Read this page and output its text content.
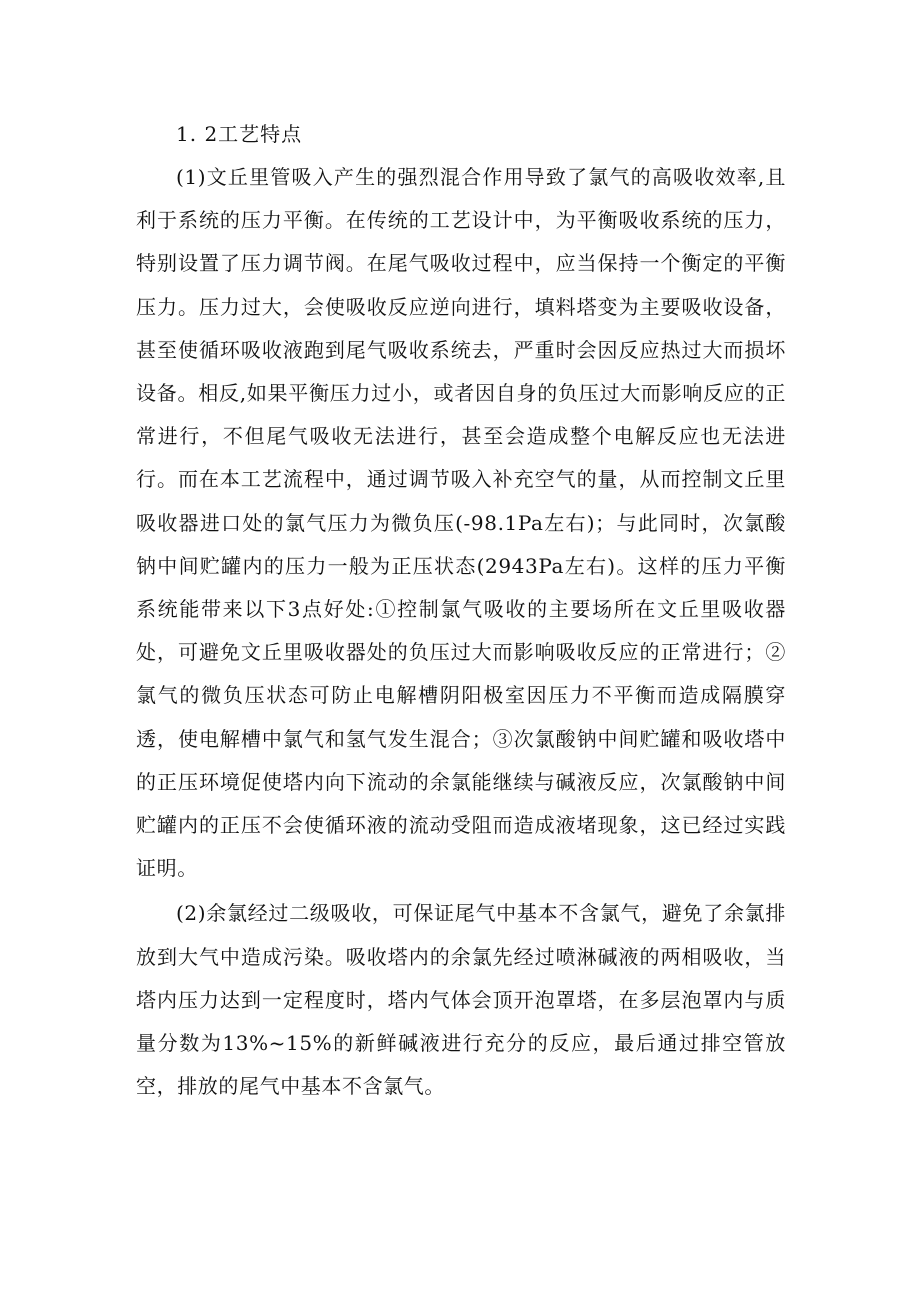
1. 2工艺特点

(1)文丘里管吸入产生的强烈混合作用导致了氯气的高吸收效率,且利于系统的压力平衡。在传统的工艺设计中，为平衡吸收系统的压力，特别设置了压力调节阀。在尾气吸收过程中，应当保持一个衡定的平衡压力。压力过大，会使吸收反应逆向进行，填料塔变为主要吸收设备，甚至使循环吸收液跑到尾气吸收系统去，严重时会因反应热过大而损坏设备。相反,如果平衡压力过小，或者因自身的负压过大而影响反应的正常进行，不但尾气吸收无法进行，甚至会造成整个电解反应也无法进行。而在本工艺流程中，通过调节吸入补充空气的量，从而控制文丘里吸收器进口处的氯气压力为微负压(-98.1Pa左右)；与此同时，次氯酸钠中间贮罐内的压力一般为正压状态(2943Pa左右)。这样的压力平衡系统能带来以下3点好处:①控制氯气吸收的主要场所在文丘里吸收器处，可避免文丘里吸收器处的负压过大而影响吸收反应的正常进行；②氯气的微负压状态可防止电解槽阴阳极室因压力不平衡而造成隔膜穿透，使电解槽中氯气和氢气发生混合；③次氯酸钠中间贮罐和吸收塔中的正压环境促使塔内向下流动的余氯能继续与碱液反应，次氯酸钠中间贮罐内的正压不会使循环液的流动受阻而造成液堵现象，这已经过实践证明。

(2)余氯经过二级吸收，可保证尾气中基本不含氯气，避免了余氯排放到大气中造成污染。吸收塔内的余氯先经过喷淋碱液的两相吸收，当塔内压力达到一定程度时，塔内气体会顶开泡罩塔，在多层泡罩内与质量分数为13%~15%的新鲜碱液进行充分的反应，最后通过排空管放空，排放的尾气中基本不含氯气。
